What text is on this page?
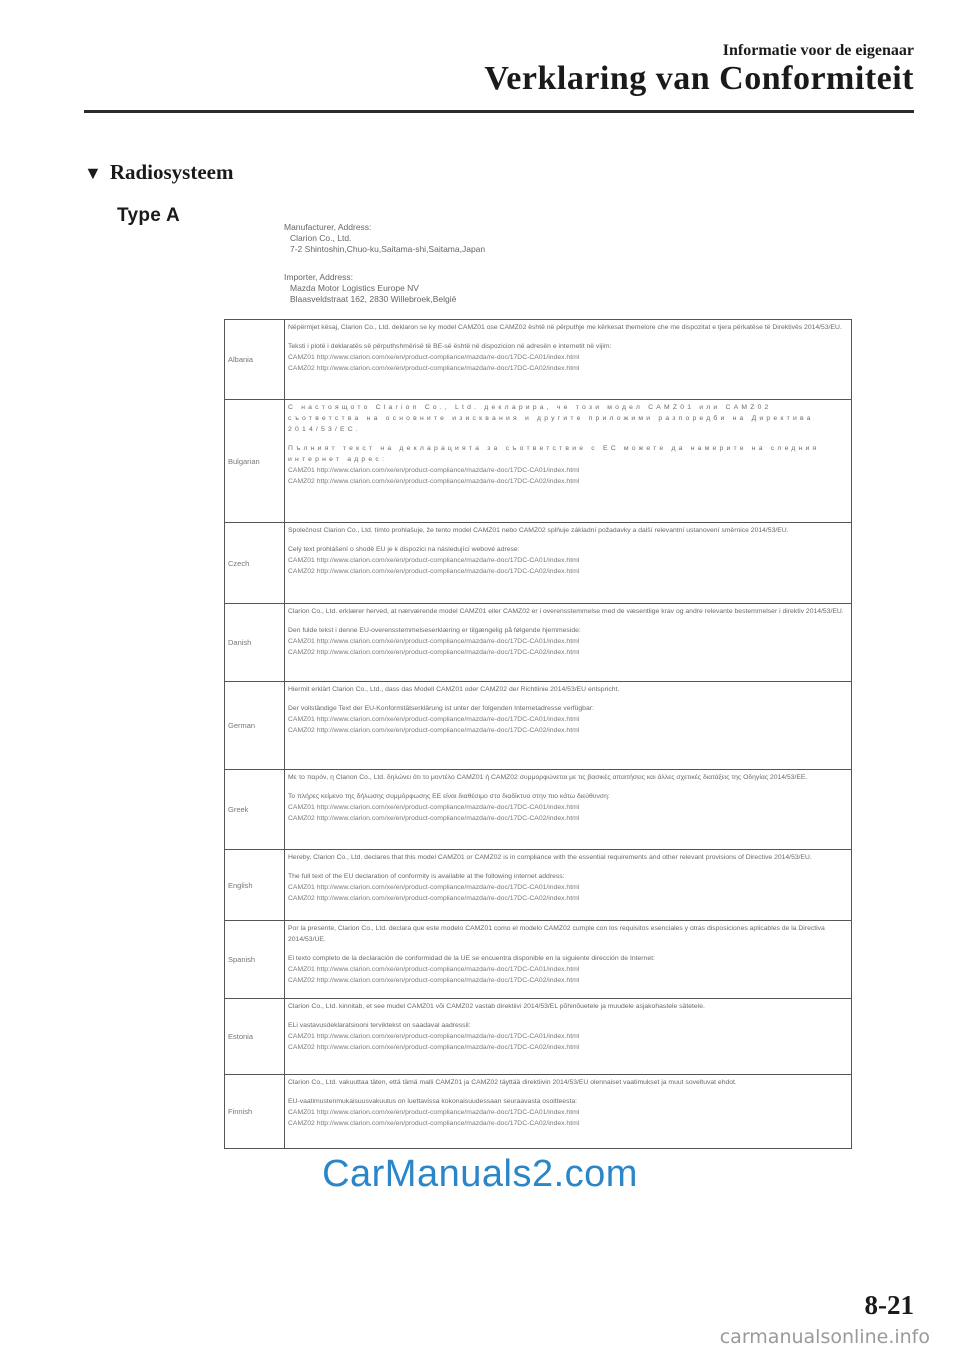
Informatie voor de eigenaar
Verklaring van Conformiteit
▼ Radiosysteem
Type A
Manufacturer, Address:
Clarion Co., Ltd.
7-2 Shintoshin,Chuo-ku,Saitama-shi,Saitama,Japan
Importer, Address:
Mazda Motor Logistics Europe NV
Blaasveldstraat 162, 2830 Willebroek,België
Albania	Nëpërmjet kësaj, Clarion Co., Ltd. deklaron se ky model CAMZ01 ose CAMZ02 është në përputhje me kërkesat themelore che me dispozitat e tjera përkatëse të Direktivës 2014/53/EU.
Teksti i plotë i deklaratës së përputhshmërisë të BE-së është në dispozicion në adresën e internetit në vijim:
CAMZ01 http://www.clarion.com/xe/en/product-compliance/mazda/re-doc/17DC-CA01/index.html
CAMZ02 http://www.clarion.com/xe/en/product-compliance/mazda/re-doc/17DC-CA02/index.html

Bulgarian	С настоящото Clarion Co., Ltd. декларира, че този модел CAMZ01 или CAMZ02 съответства на основните изисквания и другите приложими разпоредби на Директива 2014/53/ЕС.
Пълният текст на декларацията за съответствие с ЕС можете да намерите на следния интернет адрес:
CAMZ01 http://www.clarion.com/xe/en/product-compliance/mazda/re-doc/17DC-CA01/index.html
CAMZ02 http://www.clarion.com/xe/en/product-compliance/mazda/re-doc/17DC-CA02/index.html

Czech	Společnost Clarion Co., Ltd. tímto prohlašuje, že tento model CAMZ01 nebo CAMZ02 splňuje základní požadavky a další relevantní ustanovení směrnice 2014/53/EU.
Celý text prohlášení o shodě EU je k dispozici na následující webové adrese:
CAMZ01 http://www.clarion.com/xe/en/product-compliance/mazda/re-doc/17DC-CA01/index.html
CAMZ02 http://www.clarion.com/xe/en/product-compliance/mazda/re-doc/17DC-CA02/index.html

Danish	Clarion Co., Ltd. erklærer herved, at nærværende model CAMZ01 eller CAMZ02 er i overensstemmelse med de væsentlige krav og andre relevante bestemmelser i direktiv 2014/53/EU.
Den fulde tekst i denne EU-overensstemmelseserklæring er tilgængelig på følgende hjemmeside:
CAMZ01 http://www.clarion.com/xe/en/product-compliance/mazda/re-doc/17DC-CA01/index.html
CAMZ02 http://www.clarion.com/xe/en/product-compliance/mazda/re-doc/17DC-CA02/index.html

German	Hiermit erklärt Clarion Co., Ltd., dass das Modell CAMZ01 oder CAMZ02 der Richtlinie 2014/53/EU entspricht.
Der vollständige Text der EU-Konformitätserklärung ist unter der folgenden Internetadresse verfügbar:
CAMZ01 http://www.clarion.com/xe/en/product-compliance/mazda/re-doc/17DC-CA01/index.html
CAMZ02 http://www.clarion.com/xe/en/product-compliance/mazda/re-doc/17DC-CA02/index.html

Greek	Με το παρόν, η Clarion Co., Ltd. δηλώνει ότι το μοντέλο CAMZ01 ή CAMZ02 συμμορφώνεται με τις βασικές απαιτήσεις και άλλες σχετικές διατάξεις της Οδηγίας 2014/53/ΕΕ.
Το πλήρες κείμενο της δήλωσης συμμόρφωσης ΕΕ είναι διαθέσιμο στο διαδίκτυο στην πιο κάτω διεύθυνση:
CAMZ01 http://www.clarion.com/xe/en/product-compliance/mazda/re-doc/17DC-CA01/index.html
CAMZ02 http://www.clarion.com/xe/en/product-compliance/mazda/re-doc/17DC-CA02/index.html

English	Hereby, Clarion Co., Ltd. declares that this model CAMZ01 or CAMZ02 is in compliance with the essential requirements and other relevant provisions of Directive 2014/53/EU.
The full text of the EU declaration of conformity is available at the following internet address:
CAMZ01 http://www.clarion.com/xe/en/product-compliance/mazda/re-doc/17DC-CA01/index.html
CAMZ02 http://www.clarion.com/xe/en/product-compliance/mazda/re-doc/17DC-CA02/index.html

Spanish	Por la presente, Clarion Co., Ltd. declara que este modelo CAMZ01 como el modelo CAMZ02 cumple con los requisitos esenciales y otras disposiciones aplicables de la Directiva 2014/53/UE.
El texto completo de la declaración de conformidad de la UE se encuentra disponible en la siguiente dirección de Internet:
CAMZ01 http://www.clarion.com/xe/en/product-compliance/mazda/re-doc/17DC-CA01/index.html
CAMZ02 http://www.clarion.com/xe/en/product-compliance/mazda/re-doc/17DC-CA02/index.html

Estonia	Clarion Co., Ltd. kinnitab, et see mudel CAMZ01 või CAMZ02 vastab direktiivi 2014/53/EL põhinõuetele ja muudele asjakohastele sätetele.
ELi vastavusdeklaratsiooni terviktekst on saadaval aadressil:
CAMZ01 http://www.clarion.com/xe/en/product-compliance/mazda/re-doc/17DC-CA01/index.html
CAMZ02 http://www.clarion.com/xe/en/product-compliance/mazda/re-doc/17DC-CA02/index.html

Finnish	Clarion Co., Ltd. vakuuttaa täten, että tämä malli CAMZ01 ja CAMZ02 täyttää direktiivin 2014/53/EU olennaiset vaatimukset ja muut soveltuvat ehdot.
EU-vaatimustenmukaisuusvakuutus on luettavissa kokonaisuudessaan seuraavasta osoitteesta:
CAMZ01 http://www.clarion.com/xe/en/product-compliance/mazda/re-doc/17DC-CA01/index.html
CAMZ02 http://www.clarion.com/xe/en/product-compliance/mazda/re-doc/17DC-CA02/index.html
CarManuals2.com
8-21
carmanualsonline.info
